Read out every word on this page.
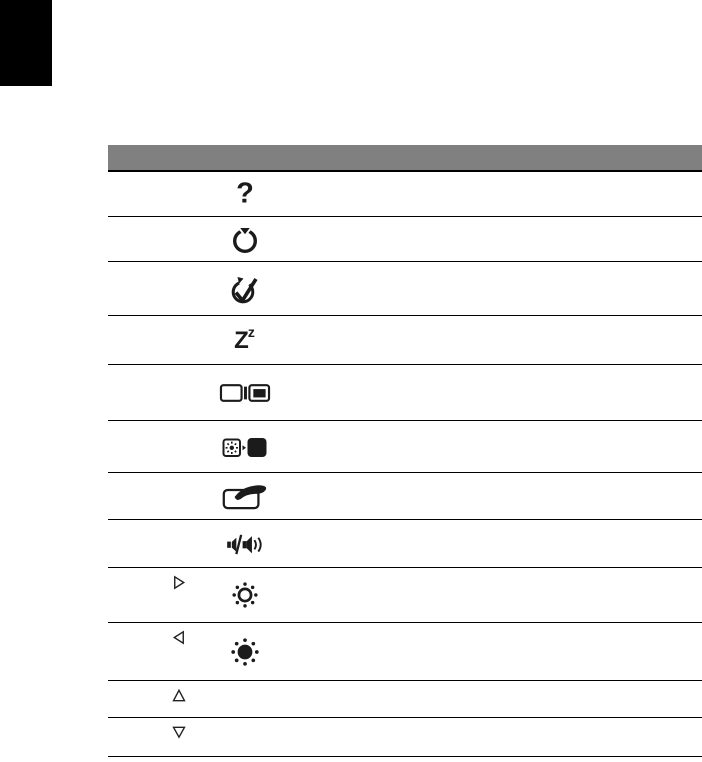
?
$Z^z$
